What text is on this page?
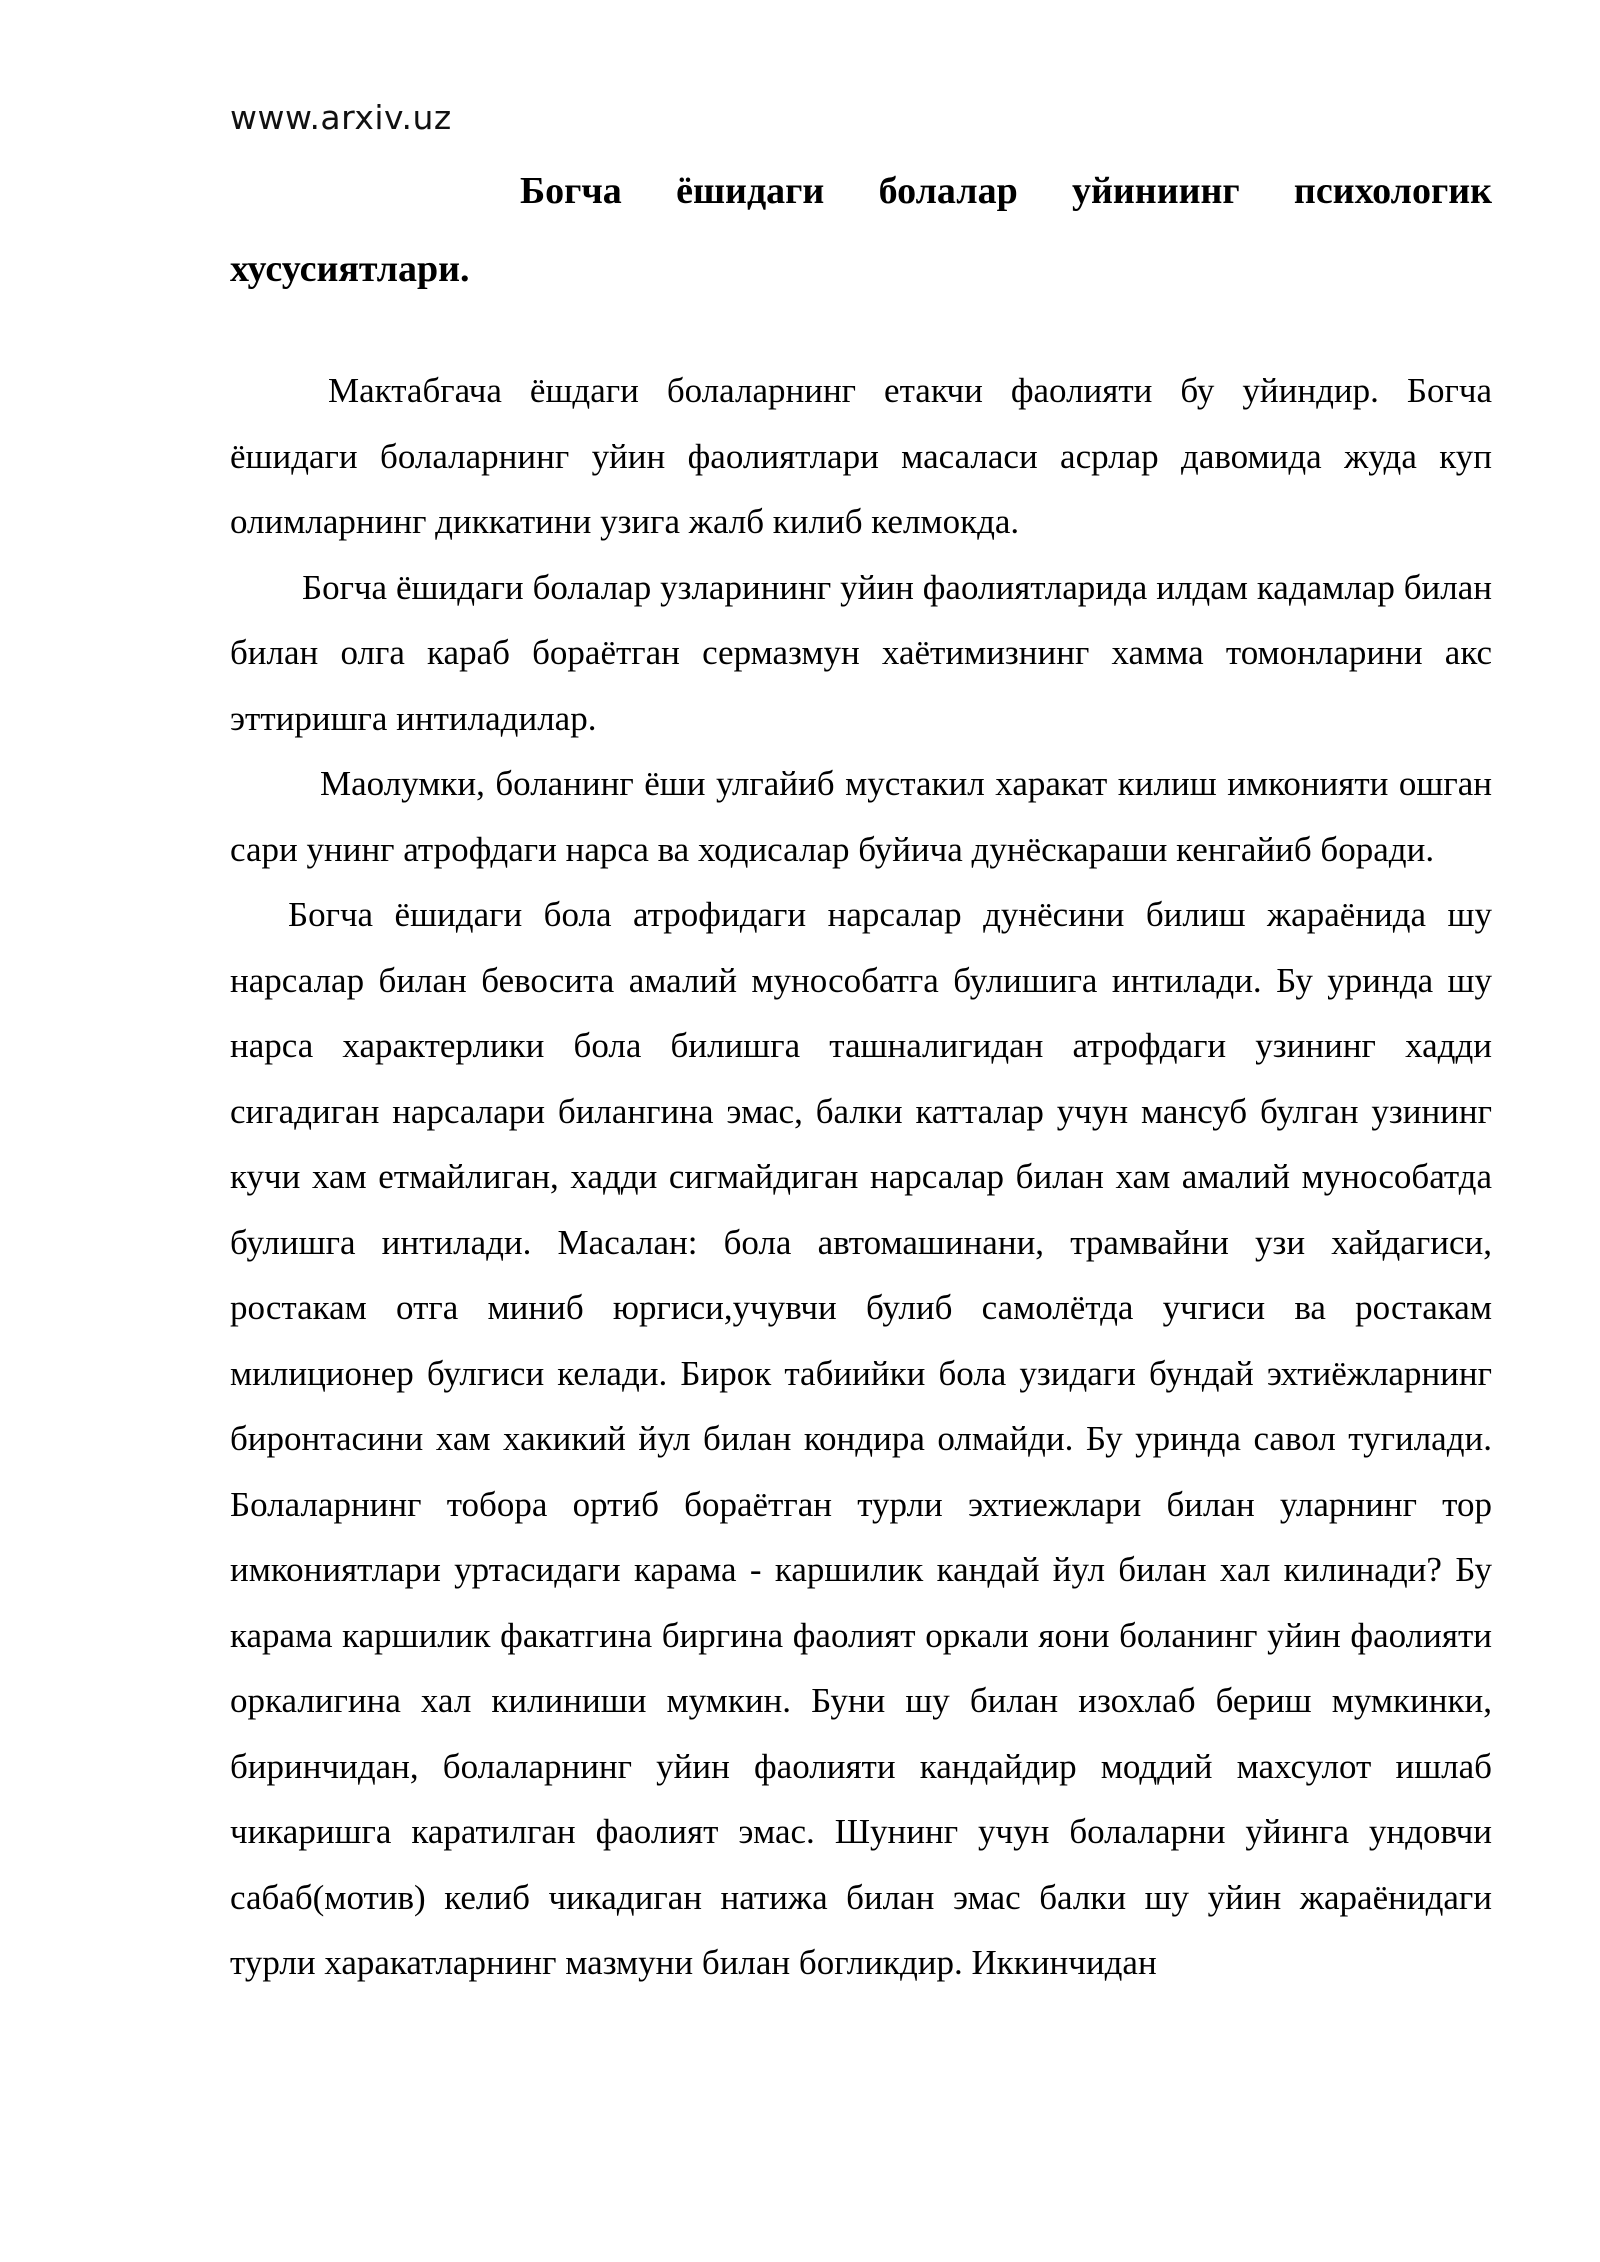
www.arxiv.uz
Богча ёшидаги болалар уйиниинг психологик хусусиятлари.

Мактабгача ёшдаги болаларнинг етакчи фаолияти бу уйиндир. Богча ёшидаги болаларнинг уйин фаолиятлари масаласи асрлар давомида жуда куп олимларнинг диккатини узига жалб килиб келмокда.

Богча ёшидаги болалар узларининг уйин фаолиятларида илдам кадамлар билан билан олга караб бораётган сермазмун хаётимизнинг хамма томонларини акс эттиришга интиладилар.

Маолумки, боланинг ёши улгайиб мустакил харакат килиш имконияти ошган сари унинг атрофдаги нарса ва ходисалар буйича дунёскараши кенгайиб боради.

Богча ёшидаги бола атрофидаги нарсалар дунёсини билиш жараёнида шу нарсалар билан бевосита амалий мунособатга булишига интилади. Бу уринда шу нарса характерлики бола билишга ташналигидан атрофдаги узининг хадди сигадиган нарсалари билангина эмас, балки катталар учун мансуб булган узининг кучи хам етмайлиган, хадди сигмайдиган нарсалар билан хам амалий мунособатда булишга интилади. Масалан: бола автомашинани, трамвайни узи хайдагиси, ростакам отга миниб юргиси,учувчи булиб самолётда учгиси ва ростакам милиционер булгиси келади. Бирок табиийки бола узидаги бундай эхтиёжларнинг биронтасини хам хакикий йул билан кондира олмайди. Бу уринда савол тугилади. Болаларнинг тобора ортиб бораётган турли эхтиежлари билан уларнинг тор имкониятлари уртасидаги карама - каршилик кандай йул билан хал килинади? Бу карама каршилик факатгина биргина фаолият оркали яони боланинг уйин фаолияти оркалигина хал килиниши мумкин. Буни шу билан изохлаб бериш мумкинки, биринчидан, болаларнинг уйин фаолияти кандайдир моддий махсулот ишлаб чикаришга каратилган фаолият эмас. Шунинг учун болаларни уйинга ундовчи сабаб(мотив) келиб чикадиган натижа билан эмас балки шу уйин жараёнидаги турли харакатларнинг мазмуни билан богликдир. Иккинчидан
